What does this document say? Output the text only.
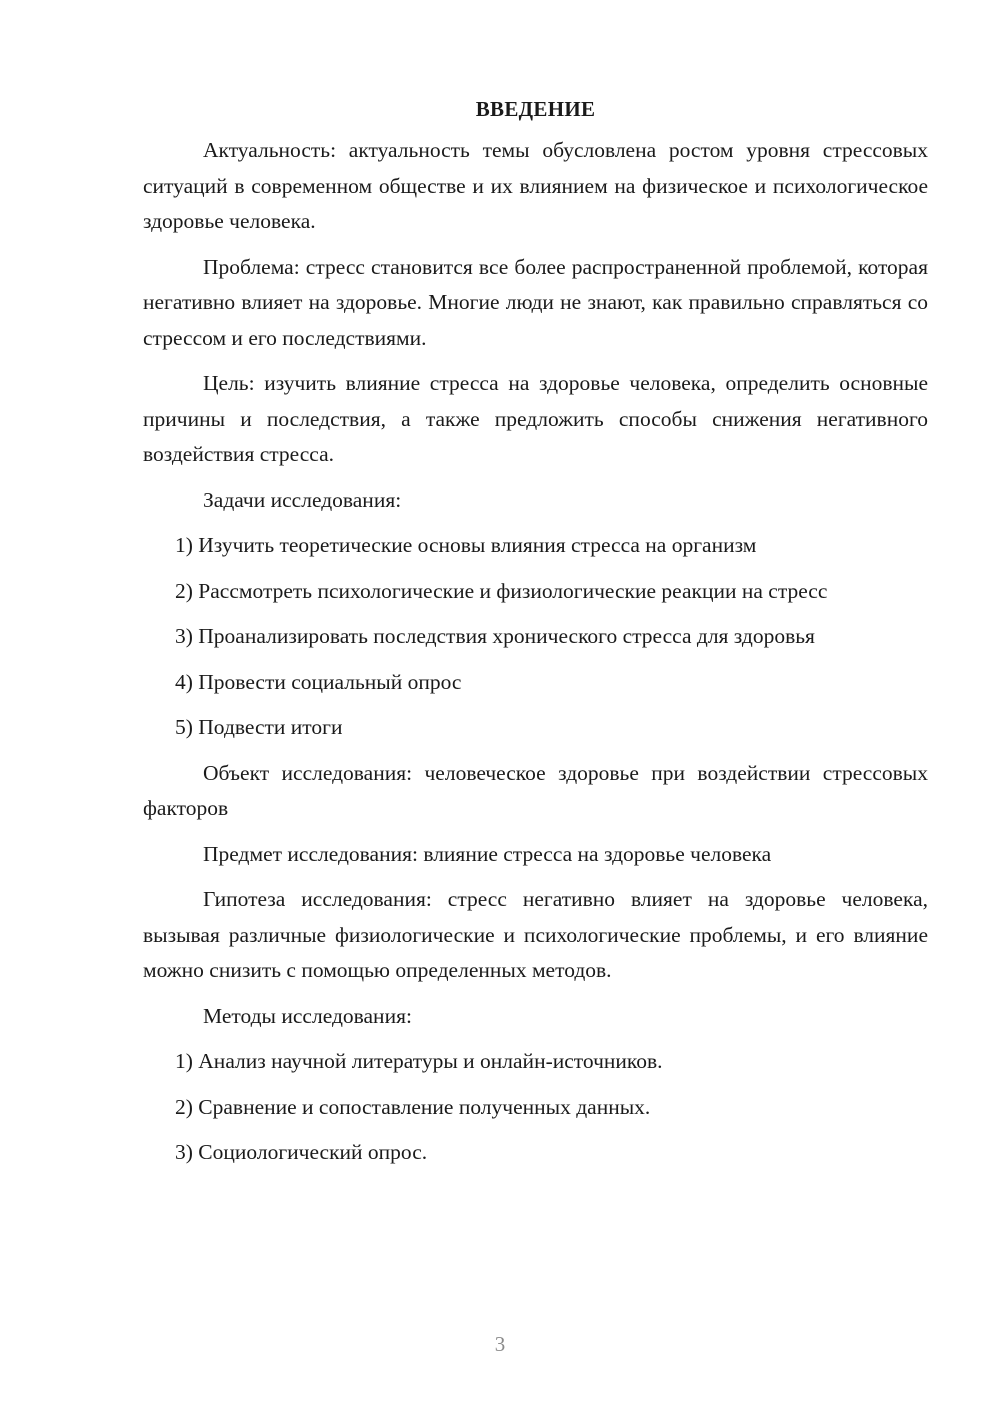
ВВЕДЕНИЕ

Актуальность: актуальность темы обусловлена ростом уровня стрессовых ситуаций в современном обществе и их влиянием на физическое и психологическое здоровье человека.

Проблема: стресс становится все более распространенной проблемой, которая негативно влияет на здоровье. Многие люди не знают, как правильно справляться со стрессом и его последствиями.

Цель: изучить влияние стресса на здоровье человека, определить основные причины и последствия, а также предложить способы снижения негативного воздействия стресса.

Задачи исследования:

1) Изучить теоретические основы влияния стресса на организм
2) Рассмотреть психологические и физиологические реакции на стресс
3) Проанализировать последствия хронического стресса для здоровья
4) Провести социальный опрос
5) Подвести итоги

Объект исследования: человеческое здоровье при воздействии стрессовых факторов

Предмет исследования: влияние стресса на здоровье человека

Гипотеза исследования: стресс негативно влияет на здоровье человека, вызывая различные физиологические и психологические проблемы, и его влияние можно снизить с помощью определенных методов.

Методы исследования:

1) Анализ научной литературы и онлайн-источников.
2) Сравнение и сопоставление полученных данных.
3) Социологический опрос.
3
